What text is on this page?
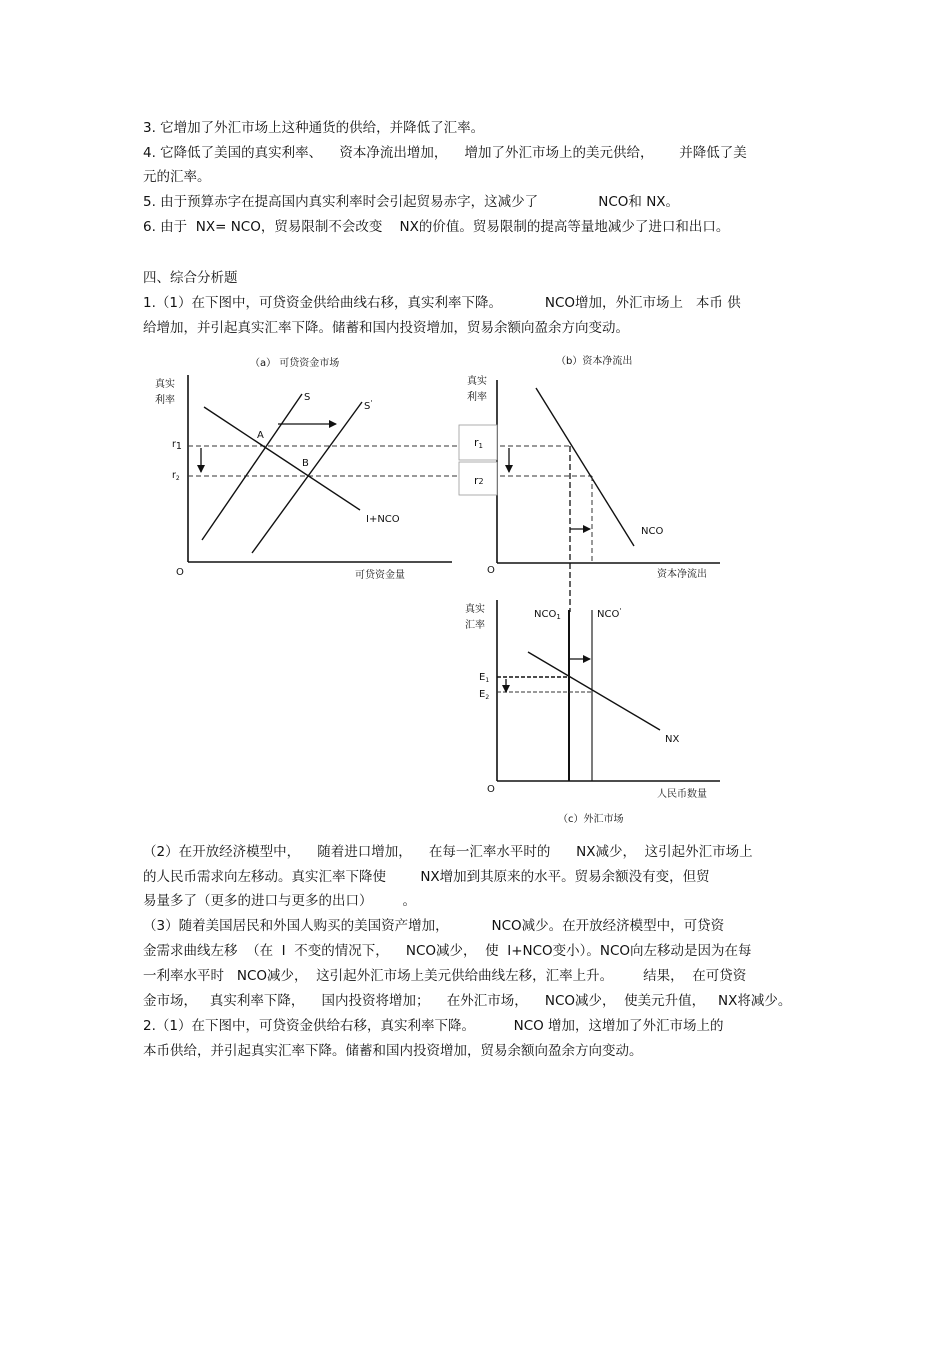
3. 它增加了外汇市场上这种通货的供给，并降低了汇率。
4. 它降低了美国的真实利率、    资本净流出增加，    增加了外汇市场上的美元供给，      并降低了美
元的汇率。
5. 由于预算赤字在提高国内真实利率时会引起贸易赤字，这减少了              NCO和 NX。
6. 由于  NX= NCO，贸易限制不会改变    NX的价值。贸易限制的提高等量地减少了进口和出口。
四、综合分析题
1.（1）在下图中，可贷资金供给曲线右移，真实利率下降。          NCO增加，外汇市场上   本币 供
给增加，并引起真实汇率下降。储蓄和国内投资增加，贸易余额向盈余方向变动。
（a） 可贷资金市场
真实
利率
O	可贷资金量
r1
$r_2$
S
S'
A
B
I+NCO
（b）资本净流出
真实
利率
O	资本净流出
r1
r2
NCO
真实
汇率
O	人民币数量
（c）外汇市场
$NCO_1$	NCO'
NX
$E_1$
$E_2$
（2）在开放经济模型中，    随着进口增加，    在每一汇率水平时的      NX减少，  这引起外汇市场上
的人民币需求向左移动。真实汇率下降使        NX增加到其原来的水平。贸易余额没有变，但贸
易量多了（更多的进口与更多的出口）       。
（3）随着美国居民和外国人购买的美国资产增加，          NCO减少。在开放经济模型中，可贷资
金需求曲线左移  （在  I  不变的情况下，    NCO减少，  使  I+NCO变小）。NCO向左移动是因为在每
一利率水平时   NCO减少，  这引起外汇市场上美元供给曲线左移，汇率上升。       结果，  在可贷资
金市场，   真实利率下降，    国内投资将增加；    在外汇市场，    NCO减少，  使美元升值，   NX将减少。
2.（1）在下图中，可贷资金供给右移，真实利率下降。         NCO 增加，这增加了外汇市场上的
本币供给，并引起真实汇率下降。储蓄和国内投资增加，贸易余额向盈余方向变动。
